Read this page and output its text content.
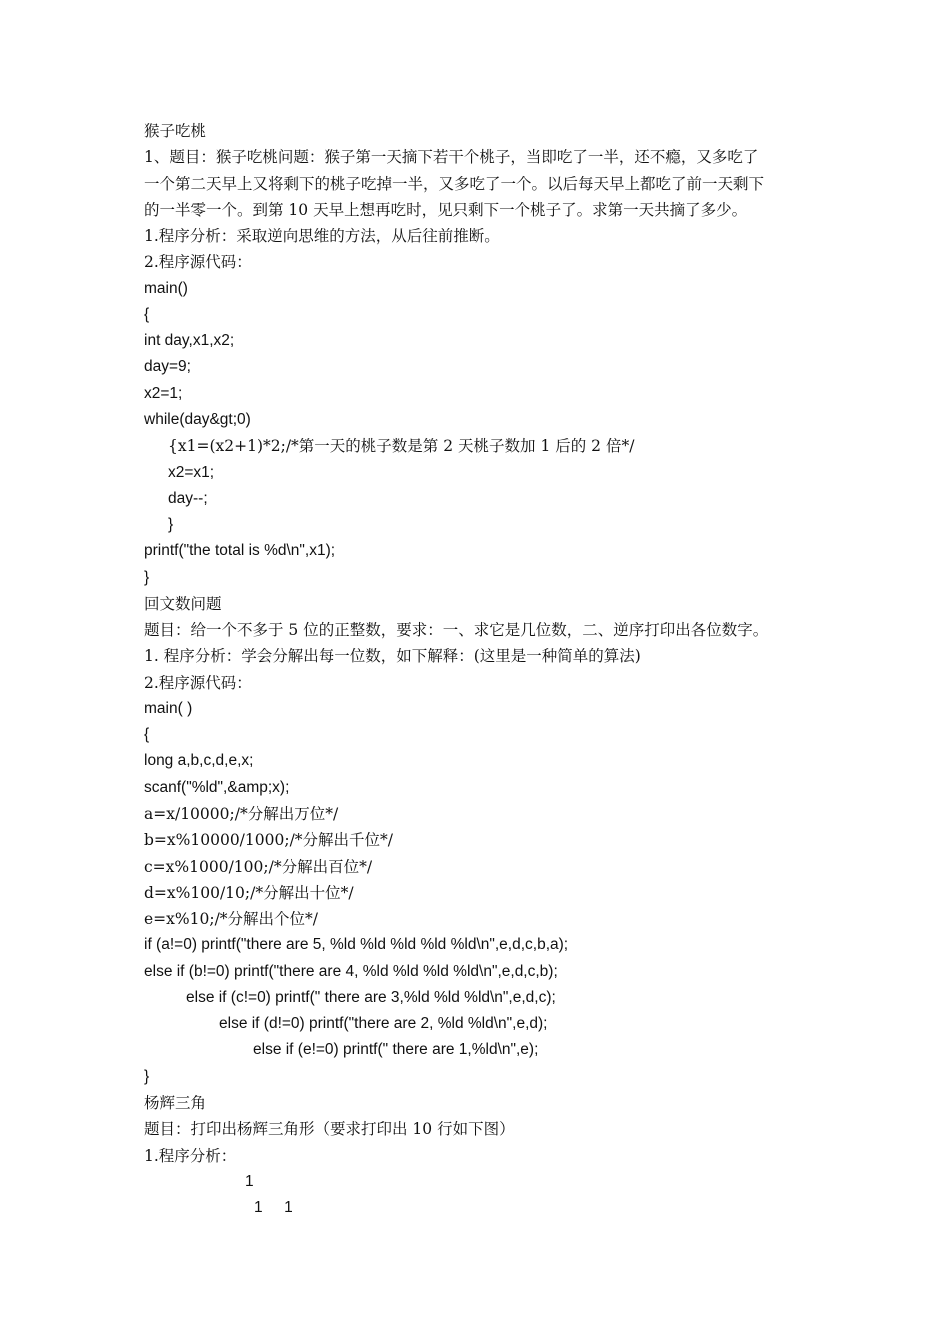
猴子吃桃
1、题目：猴子吃桃问题：猴子第一天摘下若干个桃子，当即吃了一半，还不瘾，又多吃了
一个第二天早上又将剩下的桃子吃掉一半，又多吃了一个。以后每天早上都吃了前一天剩下
的一半零一个。到第 10 天早上想再吃时，见只剩下一个桃子了。求第一天共摘了多少。
1.程序分析：采取逆向思维的方法，从后往前推断。
2.程序源代码：
main()
{
int day,x1,x2;
day=9;
x2=1;
while(day&gt;0)
{x1=(x2+1)*2;/*第一天的桃子数是第 2 天桃子数加 1 后的 2 倍*/
x2=x1;
day--;
}
printf("the total is %d\n",x1);
}
回文数问题
题目：给一个不多于 5 位的正整数，要求：一、求它是几位数，二、逆序打印出各位数字。
1. 程序分析：学会分解出每一位数，如下解释：(这里是一种简单的算法)
2.程序源代码：
main( )
{
long a,b,c,d,e,x;
scanf("%ld",&amp;x);
a=x/10000;/*分解出万位*/
b=x%10000/1000;/*分解出千位*/
c=x%1000/100;/*分解出百位*/
d=x%100/10;/*分解出十位*/
e=x%10;/*分解出个位*/
if (a!=0) printf("there are 5, %ld %ld %ld %ld %ld\n",e,d,c,b,a);
else if (b!=0) printf("there are 4, %ld %ld %ld %ld\n",e,d,c,b);
else if (c!=0) printf(" there are 3,%ld %ld %ld\n",e,d,c);
else if (d!=0) printf("there are 2, %ld %ld\n",e,d);
else if (e!=0) printf(" there are 1,%ld\n",e);
}
杨辉三角
题目：打印出杨辉三角形（要求打印出 10 行如下图）
1.程序分析：
1
1     1
